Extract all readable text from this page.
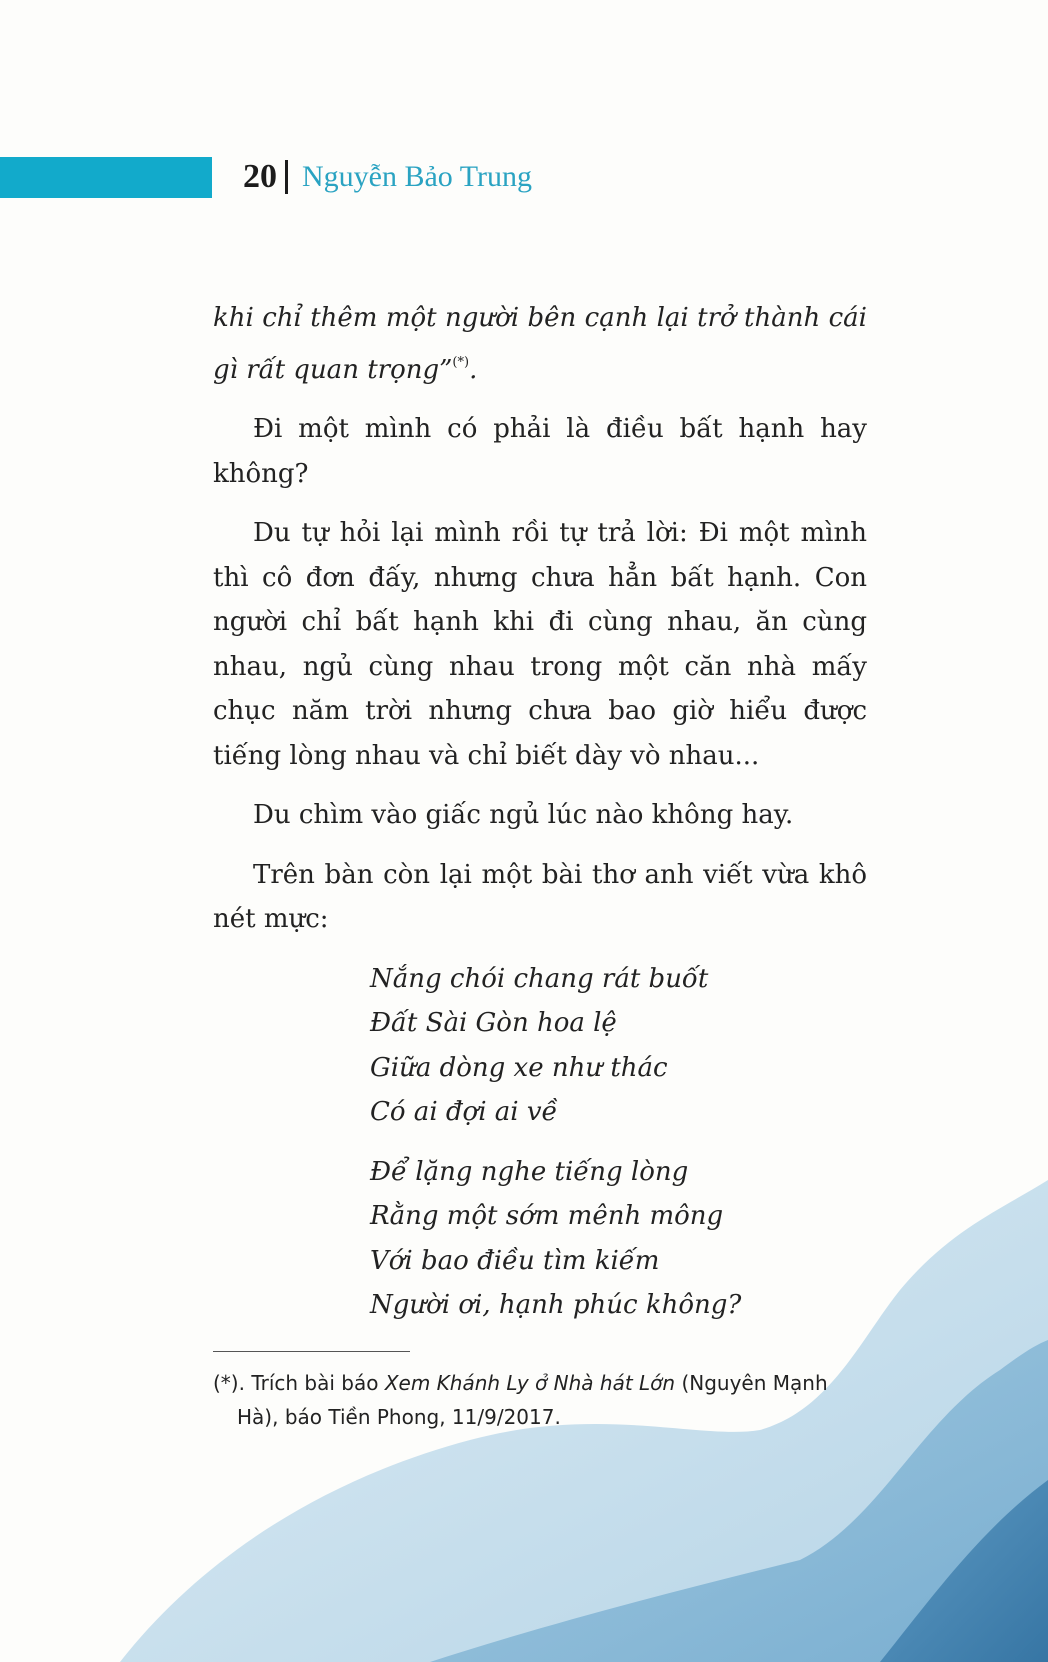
20 Nguyễn Bảo Trung

khi chỉ thêm một người bên cạnh lại trở thành cái gì rất quan trọng”(*).

Đi một mình có phải là điều bất hạnh hay không?

Du tự hỏi lại mình rồi tự trả lời: Đi một mình thì cô đơn đấy, nhưng chưa hẳn bất hạnh. Con người chỉ bất hạnh khi đi cùng nhau, ăn cùng nhau, ngủ cùng nhau trong một căn nhà mấy chục năm trời nhưng chưa bao giờ hiểu được tiếng lòng nhau và chỉ biết dày vò nhau...

Du chìm vào giấc ngủ lúc nào không hay.

Trên bàn còn lại một bài thơ anh viết vừa khô nét mực:

Nắng chói chang rát buốt
Đất Sài Gòn hoa lệ
Giữa dòng xe như thác
Có ai đợi ai về
Để lặng nghe tiếng lòng
Rằng một sớm mênh mông
Với bao điều tìm kiếm
Người ơi, hạnh phúc không?
(*). Trích bài báo Xem Khánh Ly ở Nhà hát Lớn (Nguyên Mạnh
Hà), báo Tiền Phong, 11/9/2017.
